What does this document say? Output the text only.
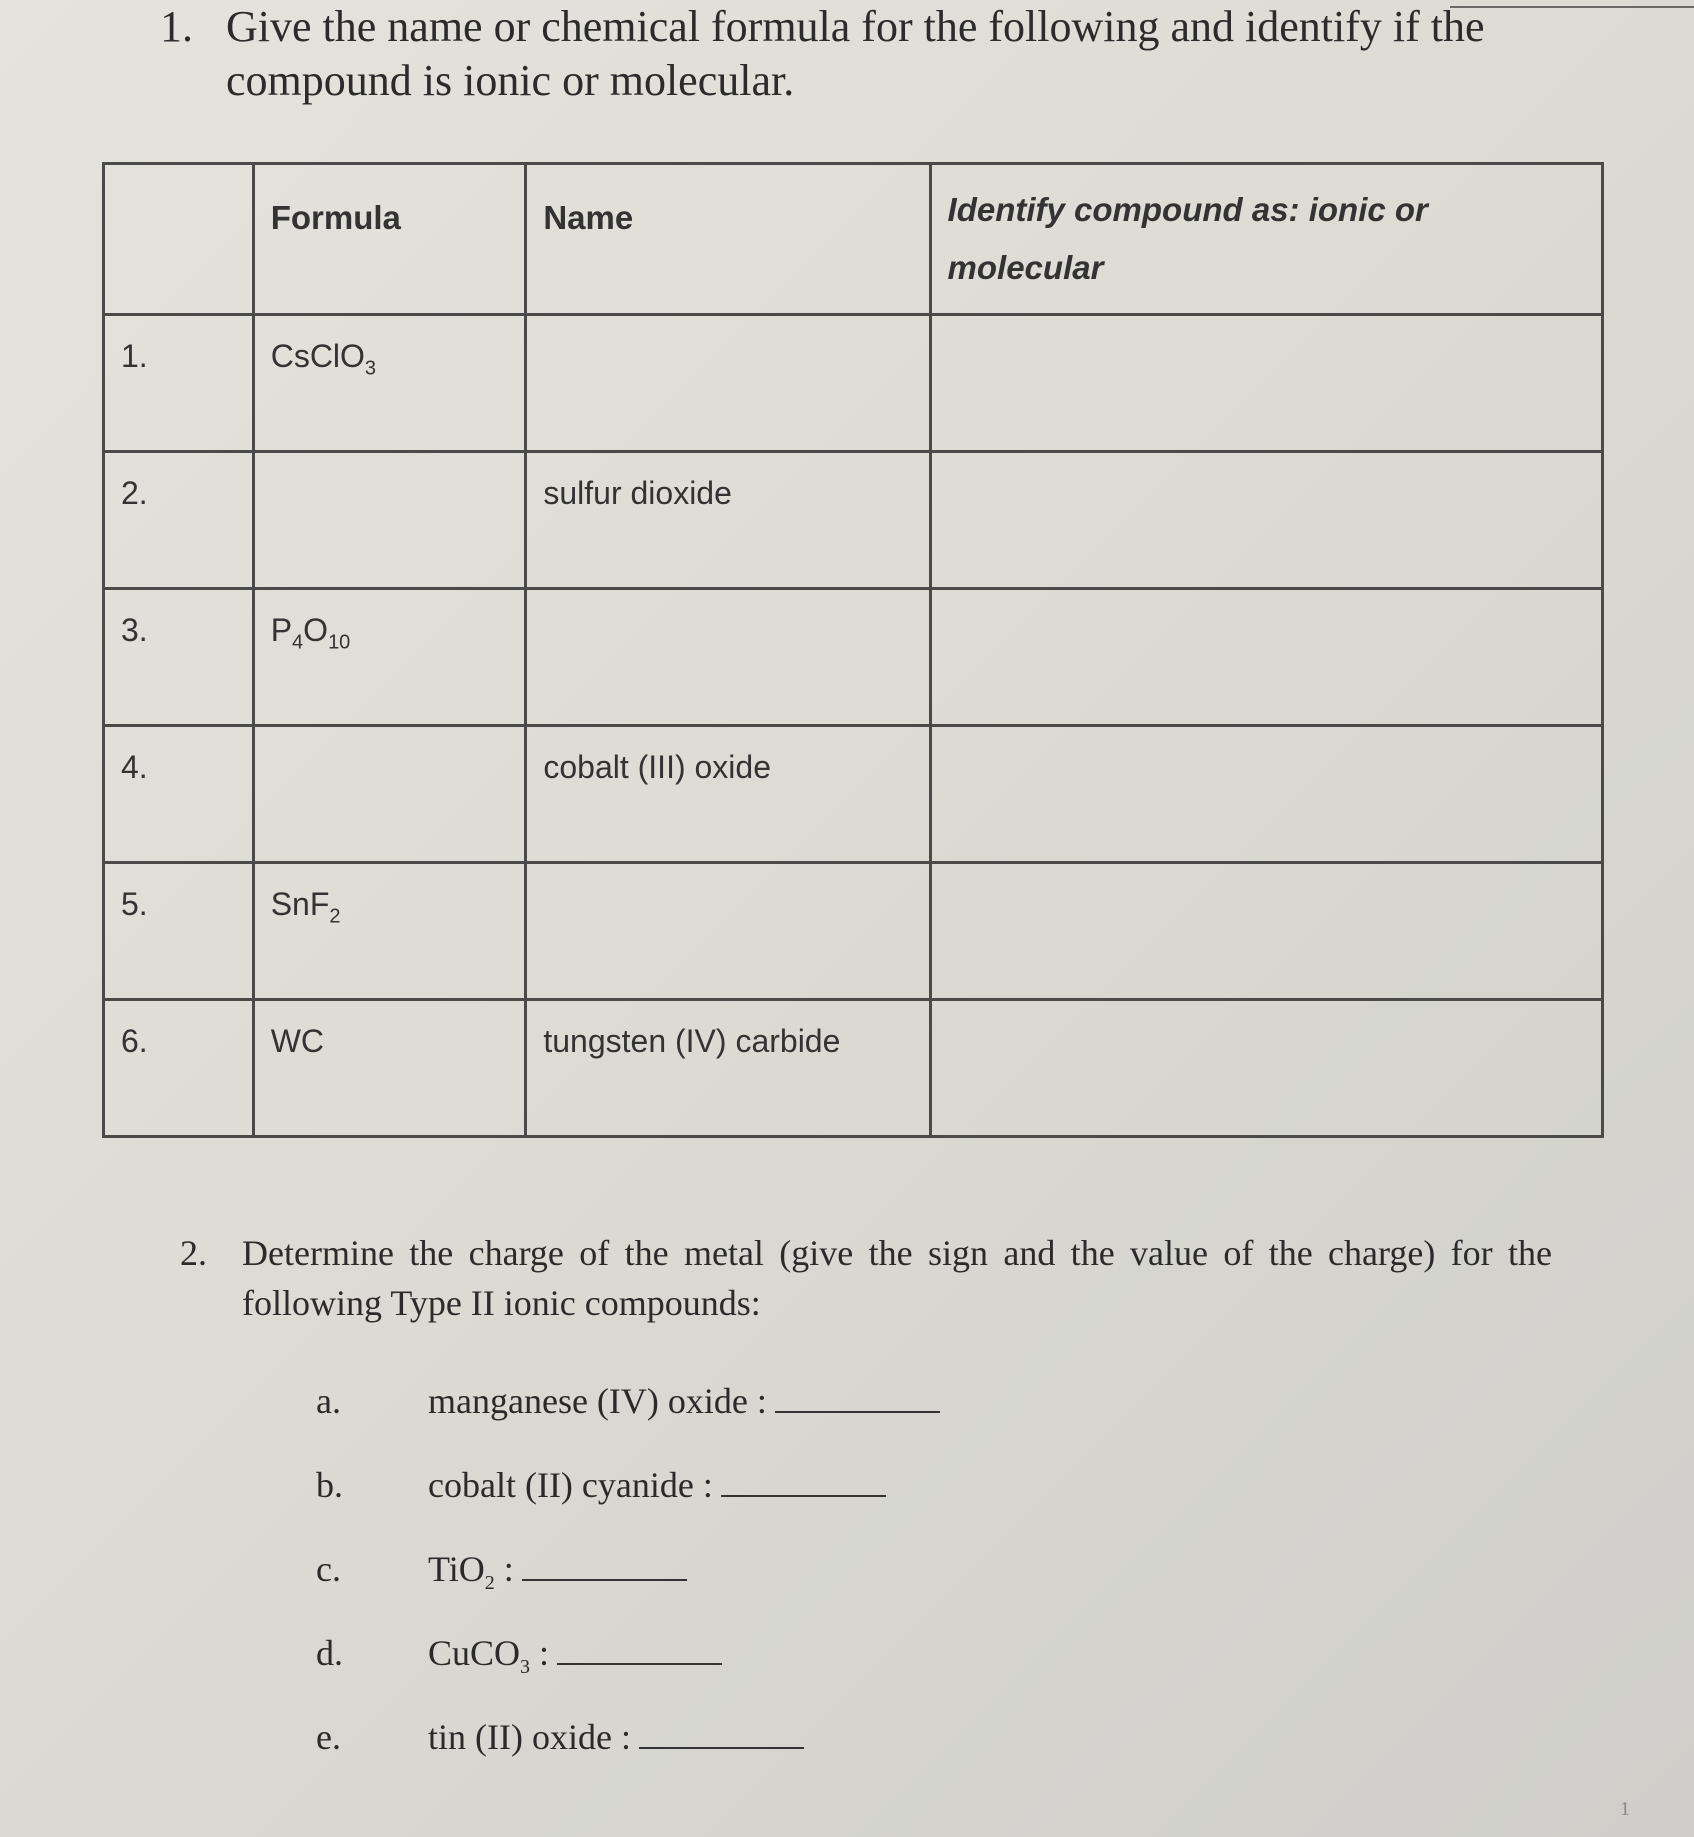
1. Give the name or chemical formula for the following and identify if the compound is ionic or molecular.

	Formula	Name	Identify compound as: ionic or molecular

1.	CsClO$_3$

2.		sulfur dioxide	

3.	$P_4O_{10}$

4.		cobalt (III) oxide	

5.	SnF$_2$

6.	WC	tungsten (IV) carbide	

2. Determine the charge of the metal (give the sign and the value of the charge) for the following Type II ionic compounds:
a. manganese (IV) oxide :
b. cobalt (II) cyanide :
c. TiO$_2$ :
d. CuCO$_3$ :
e. tin (II) oxide :
1
